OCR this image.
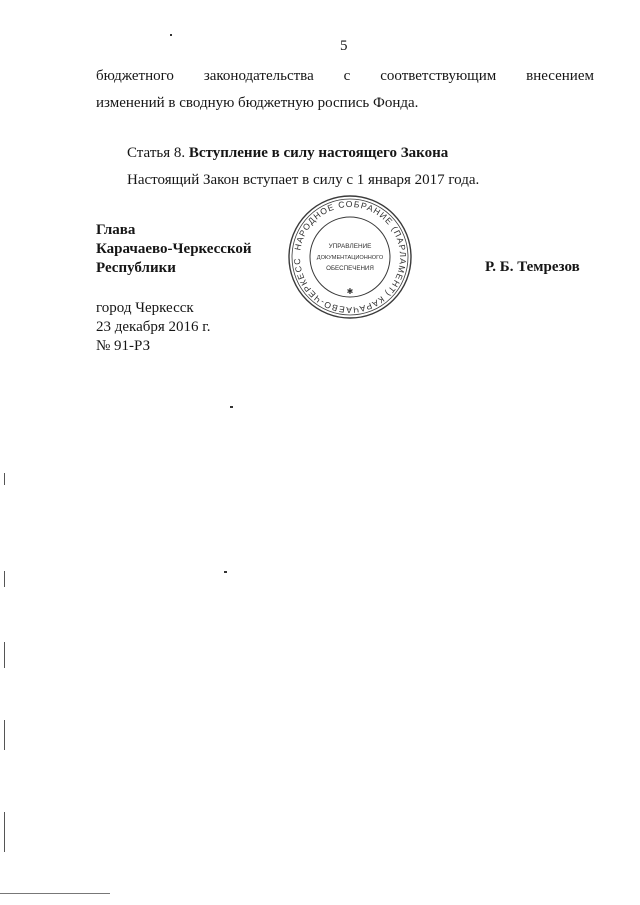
5
бюджетного законодательства с соответствующим внесением
изменений в сводную бюджетную роспись Фонда.
Статья 8. Вступление в силу настоящего Закона
Настоящий Закон вступает в силу с 1 января 2017 года.
Глава
Карачаево-Черкесской
Республики	Р. Б. Темрезов
город Черкесск
23 декабря 2016 г.
№ 91-РЗ
НАРОДНОЕ СОБРАНИЕ (ПАРЛАМЕНТ) КАРАЧАЕВО-ЧЕРКЕСС
УПРАВЛЕНИЕ
ДОКУМЕНТАЦИОННОГО
ОБЕСПЕЧЕНИЯ
✱
